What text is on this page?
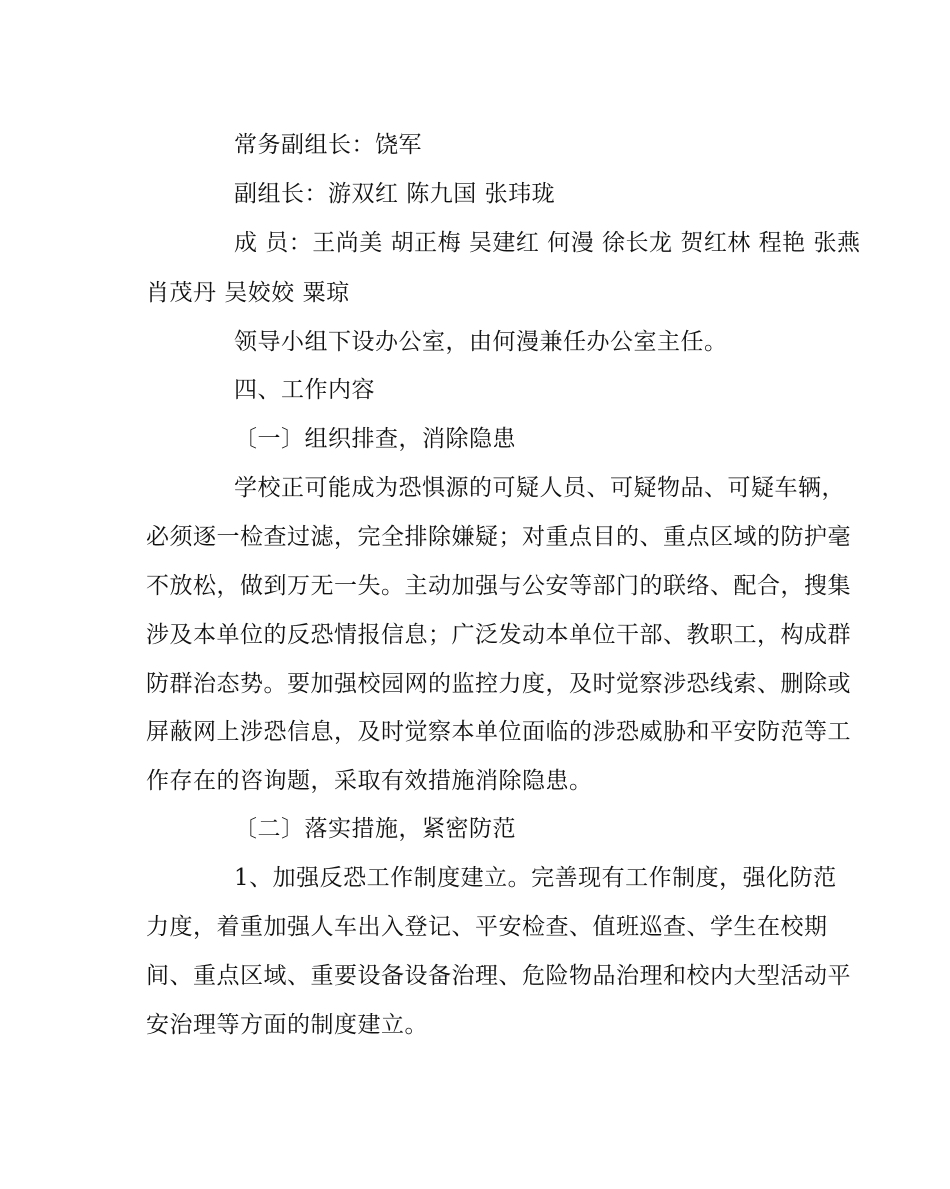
常务副组长：饶军
副组长：游双红 陈九国 张玮珑
成 员：王尚美 胡正梅 吴建红 何漫 徐长龙 贺红林 程艳 张燕
肖茂丹 吴姣姣 粟琼
领导小组下设办公室，由何漫兼任办公室主任。
四、工作内容
〔一〕组织排查，消除隐患
学校正可能成为恐惧源的可疑人员、可疑物品、可疑车辆，
必须逐一检查过滤，完全排除嫌疑；对重点目的、重点区域的防护毫
不放松，做到万无一失。主动加强与公安等部门的联络、配合，搜集
涉及本单位的反恐情报信息；广泛发动本单位干部、教职工，构成群
防群治态势。要加强校园网的监控力度，及时觉察涉恐线索、删除或
屏蔽网上涉恐信息，及时觉察本单位面临的涉恐威胁和平安防范等工
作存在的咨询题，采取有效措施消除隐患。
〔二〕落实措施，紧密防范
1、加强反恐工作制度建立。完善现有工作制度，强化防范
力度，着重加强人车出入登记、平安检查、值班巡查、学生在校期
间、重点区域、重要设备设备治理、危险物品治理和校内大型活动平
安治理等方面的制度建立。
